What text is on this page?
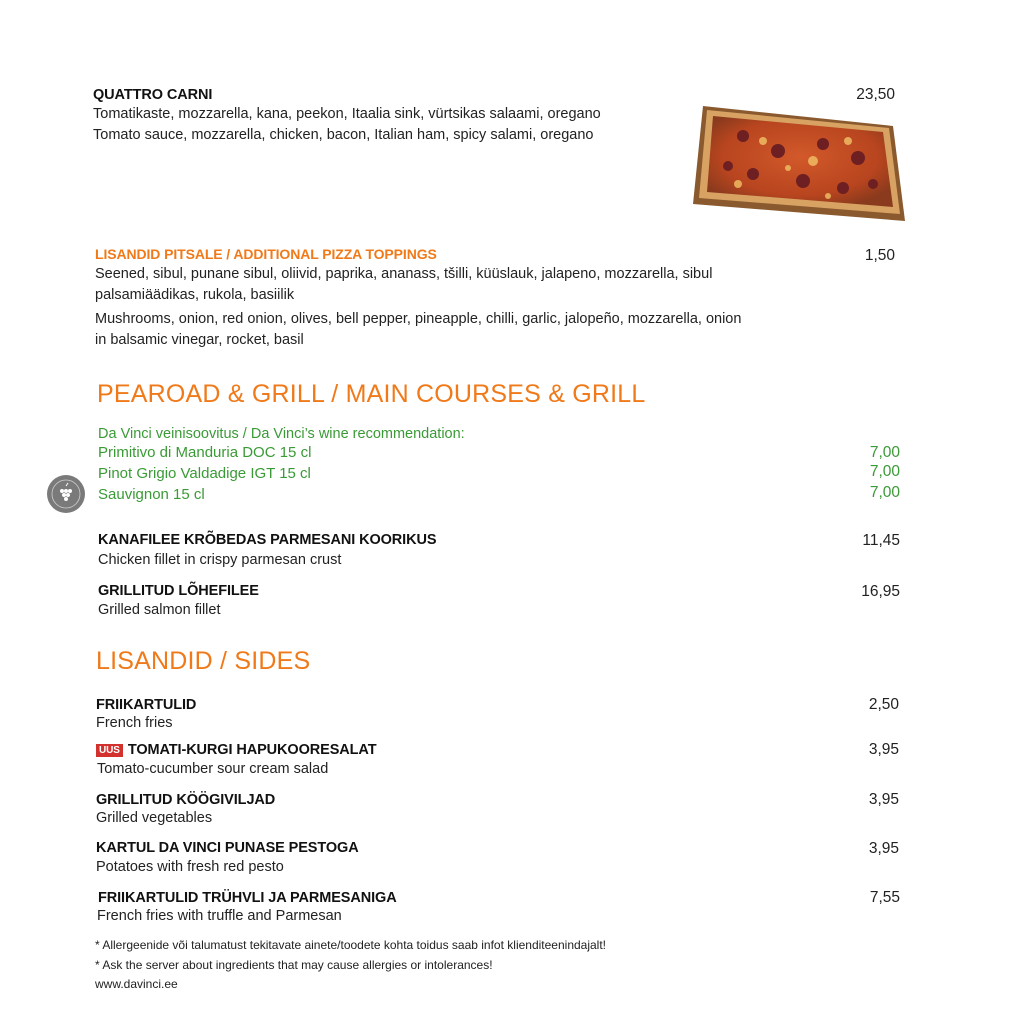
QUATTRO CARNI
Tomatikaste, mozzarella, kana, peekon, Itaalia sink, vürtsikas salaami, oregano
Tomato sauce, mozzarella, chicken, bacon, Italian ham, spicy salami, oregano
23,50
LISANDID PITSALE / ADDITIONAL PIZZA TOPPINGS
Seened, sibul, punane sibul, oliivid, paprika, ananass, tšilli, küüslauk, jalapeno, mozzarella, sibul
palsamiäädikas, rukola, basiilik
Mushrooms, onion, red onion, olives, bell pepper, pineapple, chilli, garlic, jalopeño, mozzarella, onion
in balsamic vinegar, rocket, basil
1,50
PEAROAD & GRILL / MAIN COURSES & GRILL
Da Vinci veinisoovitus / Da Vinci’s wine recommendation:
Primitivo di Manduria DOC 15 cl
Pinot Grigio Valdadige IGT 15 cl
Sauvignon 15 cl
7,00
7,00
7,00
KANAFILEE KRÕBEDAS PARMESANI KOORIKUS
Chicken fillet in crispy parmesan crust
11,45
GRILLITUD LÕHEFILEE
Grilled salmon fillet
16,95
LISANDID / SIDES
FRIIKARTULID
French fries
2,50
UUS TOMATI-KURGI HAPUKOORESALAT
Tomato-cucumber sour cream salad
3,95
GRILLITUD KÖÖGIVILJAD
Grilled vegetables
3,95
KARTUL DA VINCI PUNASE PESTOGA
Potatoes with fresh red pesto
3,95
FRIIKARTULID TRÜHVLI JA PARMESANIGA
French fries with truffle and Parmesan
7,55
* Allergeenide või talumatust tekitavate ainete/toodete kohta toidus saab infot klienditeenindajalt!
* Ask the server about ingredients that may cause allergies or intolerances!
www.davinci.ee
